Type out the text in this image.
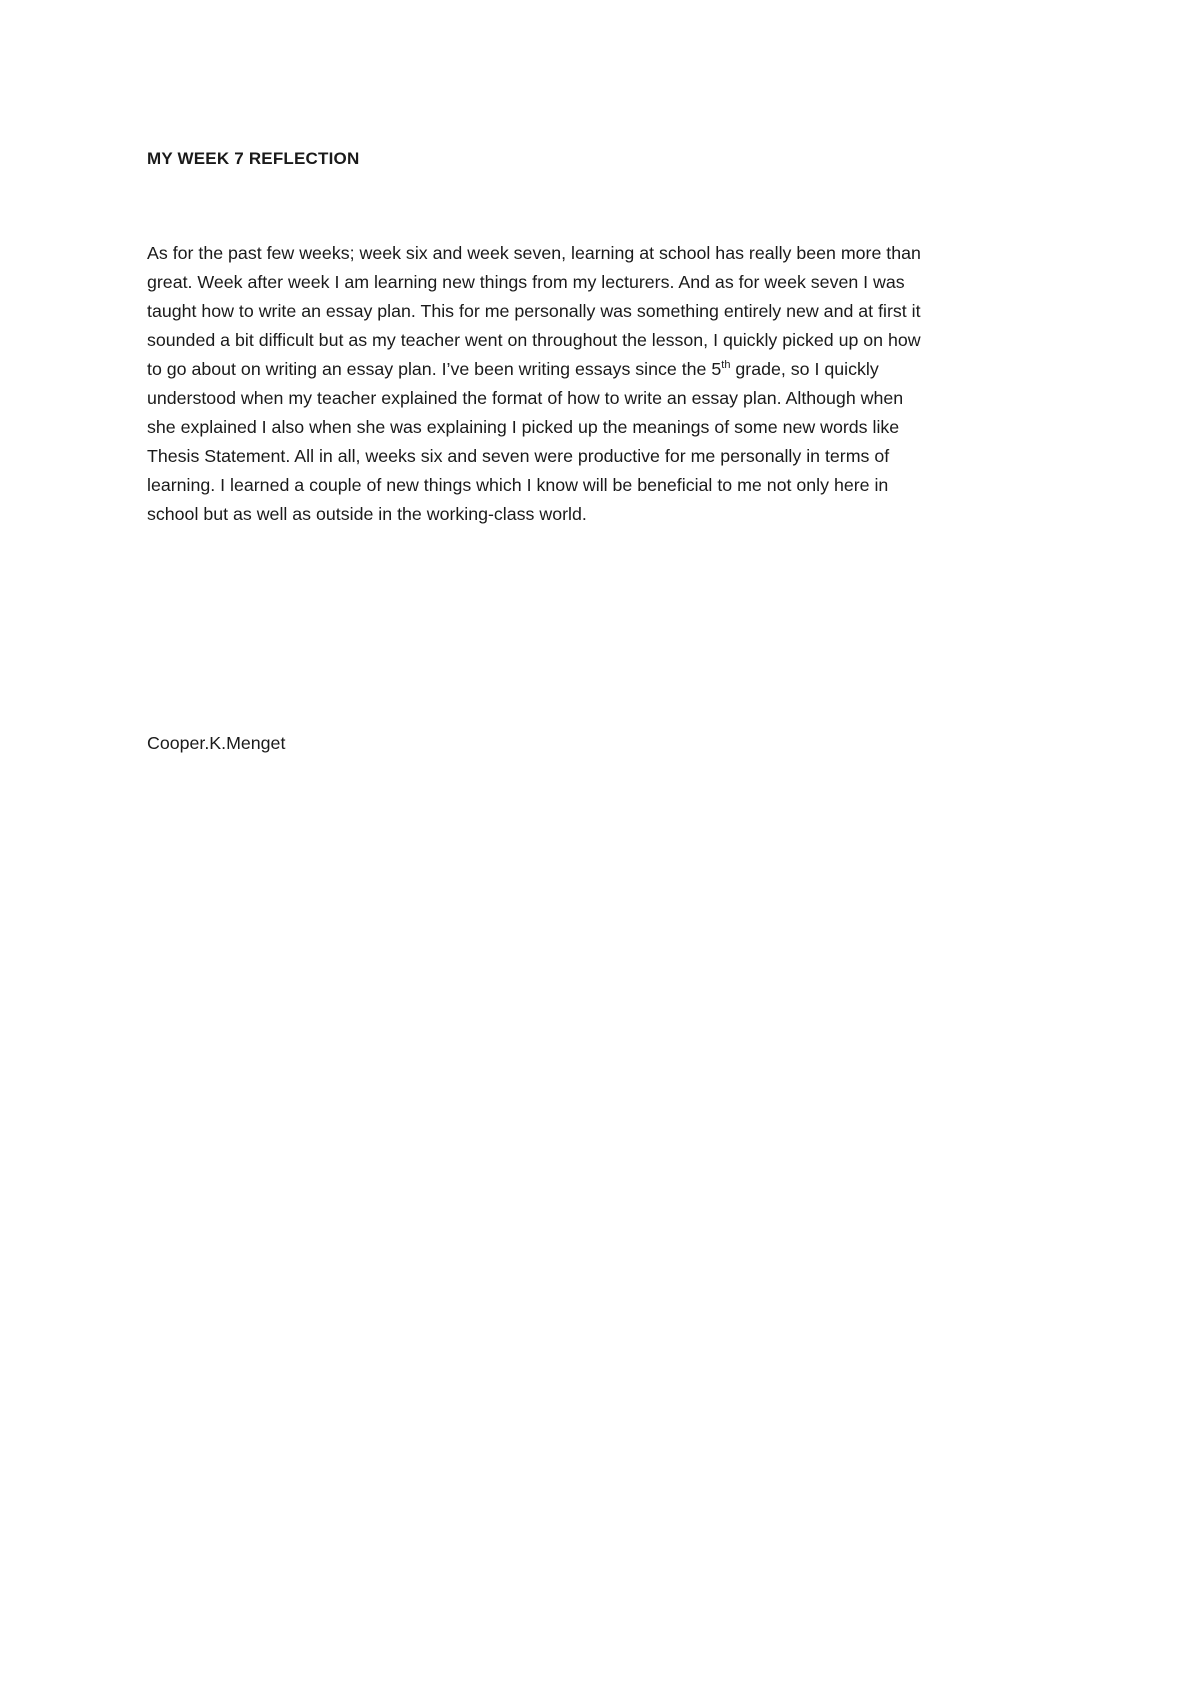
MY WEEK 7 REFLECTION
As for the past few weeks; week six and week seven, learning at school has really been more than
great. Week after week I am learning new things from my lecturers. And as for week seven I was
taught how to write an essay plan. This for me personally was something entirely new and at first it
sounded a bit difficult but as my teacher went on throughout the lesson, I quickly picked up on how
to go about on writing an essay plan. I’ve been writing essays since the 5th grade, so I quickly
understood when my teacher explained the format of how to write an essay plan. Although when
she explained I also when she was explaining I picked up the meanings of some new words like
Thesis Statement. All in all, weeks six and seven were productive for me personally in terms of
learning. I learned a couple of new things which I know will be beneficial to me not only here in
school but as well as outside in the working-class world.

Cooper.K.Menget
